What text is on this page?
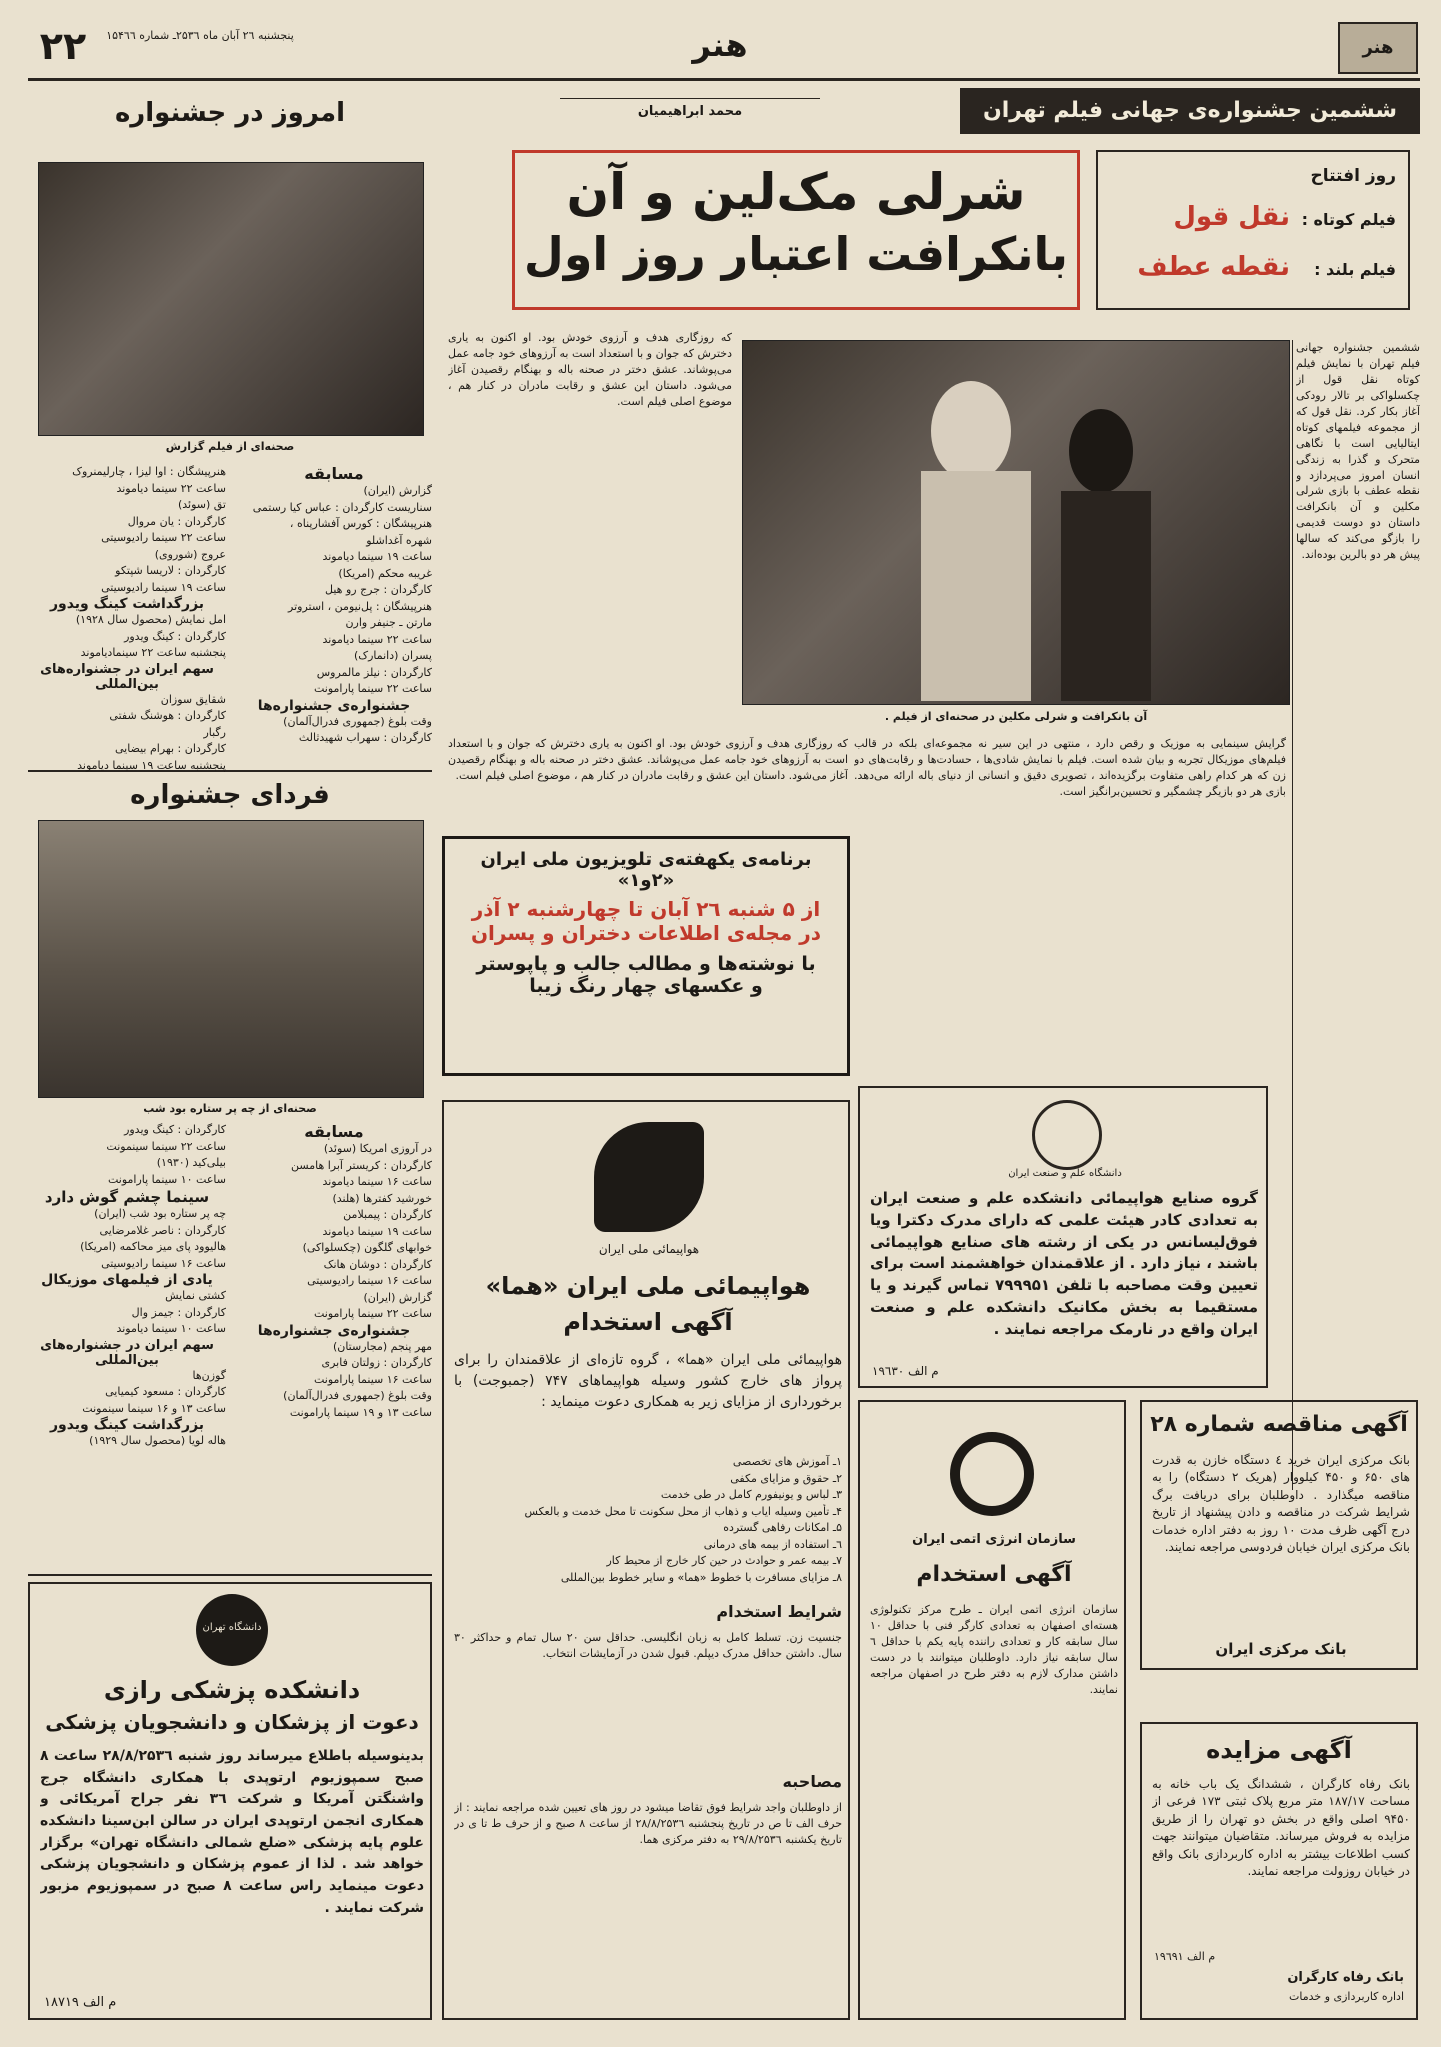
۲۲	پنجشنبه ۲٦ آبان ماه ۲۵۳٦ـ شماره ۱۵۴٦٦	هنر	هنر
ششمین جشنواره‌ی جهانی فیلم تهران
محمد ابراهیمیان
شرلی مک‌لین و آن
بانکرافت اعتبار روز اول
روز افتتاح
فیلم کوتاه :
نقل قول
فیلم بلند :
نقطه عطف
آن بانکرافت و شرلی مکلین در صحنه‌ای از فیلم .
ششمین جشنواره جهانی فیلم تهران با نمایش فیلم کوتاه نقل قول از چکسلواکی بر تالار رودکی آغاز بکار کرد. نقل قول که از مجموعه فیلمهای کوتاه ایتالیایی است با نگاهی متحرک و گذرا به زندگی انسان امروز می‌پردازد و نقطه عطف با بازی شرلی مکلین و آن بانکرافت داستان دو دوست قدیمی را بازگو می‌کند که سالها پیش هر دو بالرین بوده‌اند.
گرایش سینمایی به موزیک و رقص دارد ، منتهی در این سیر نه مجموعه‌ای بلکه در قالب فیلم‌های موزیکال تجربه و بیان شده است. فیلم با نمایش شادی‌ها ، حسادت‌ها و رقابت‌های دو زن که هر کدام راهی متفاوت برگزیده‌اند ، تصویری دقیق و انسانی از دنیای باله ارائه می‌دهد. بازی هر دو بازیگر چشمگیر و تحسین‌برانگیز است.
که روزگاری هدف و آرزوی خودش بود. او اکنون به یاری دخترش که جوان و با استعداد است به آرزوهای خود جامه عمل می‌پوشاند. عشق دختر در صحنه باله و بهنگام رقصیدن آغاز می‌شود. داستان این عشق و رقابت مادران در کنار هم ، موضوع اصلی فیلم است.
که روزگاری هدف و آرزوی خودش بود. او اکنون به یاری دخترش که جوان و با استعداد است به آرزوهای خود جامه عمل می‌پوشاند. عشق دختر در صحنه باله و بهنگام رقصیدن آغاز می‌شود. داستان این عشق و رقابت مادران در کنار هم ، موضوع اصلی فیلم است.
برنامه‌ی یکهفته‌ی تلویزیون ملی ایران
«۲و۱»
از ۵ شنبه ۲٦ آبان تا چهارشنبه ۲ آذر
در مجله‌ی اطلاعات دختران و پسران
با نوشته‌ها و مطالب جالب و پاپوستر
و عکسهای چهار رنگ زیبا
دانشگاه علم و صنعت ایران
گروه صنایع هواپیمائی دانشکده علم و صنعت ایران به تعدادی کادر هیئت علمی که دارای مدرک دکترا ویا فوق‌لیسانس در یکی از رشته های صنایع هواپیمائی باشند ، نیاز دارد . از علاقمندان خواهشمند است برای تعیین وقت مصاحبه با تلفن ۷۹۹۹۵۱ تماس گیرند و یا مستقیما به بخش مکانیک دانشکده علم و صنعت ایران واقع در نارمک مراجعه نمایند .
م الف ۱۹٦۳۰
هواپیمائی ملی ایران
هواپیمائی ملی ایران «هما»
آگهی استخدام
هواپیمائی ملی ایران «هما» ، گروه تازه‌ای از علاقمندان را برای پرواز های خارج کشور وسیله هواپیماهای ۷۴۷ (جمبوجت) با برخورداری از مزایای زیر به همکاری دعوت مینماید :
۱ـ آموزش های تخصصی
۲ـ حقوق و مزایای مکفی
۳ـ لباس و یونیفورم کامل در طی خدمت
۴ـ تأمین وسیله ایاب و ذهاب از محل سکونت تا محل خدمت و بالعکس
۵ـ امکانات رفاهی گسترده
٦ـ استفاده از بیمه های درمانی
۷ـ بیمه عمر و حوادث در حین کار خارج از محیط کار
۸ـ مزایای مسافرت با خطوط «هما» و سایر خطوط بین‌المللی
شرایط استخدام
جنسیت زن. تسلط کامل به زبان انگلیسی. حداقل سن ۲۰ سال تمام و حداکثر ۳۰ سال. داشتن حداقل مدرک دیپلم. قبول شدن در آزمایشات انتخاب.
مصاحبه
از داوطلبان واجد شرایط فوق تقاضا میشود در روز های تعیین شده مراجعه نمایند : از حرف الف تا ص در تاریخ پنجشنبه ۲۸/۸/۲۵۳٦ از ساعت ۸ صبح و از حرف ط تا ی در تاریخ یکشنبه ۲۹/۸/۲۵۳٦ به دفتر مرکزی هما.
سازمان انرژی اتمی ایران
آگهی استخدام
سازمان انرژی اتمی ایران ـ طرح مرکز تکنولوژی هسته‌ای اصفهان به تعدادی کارگر فنی با حداقل ۱۰ سال سابقه کار و تعدادی راننده پایه یکم با حداقل ٦ سال سابقه نیاز دارد. داوطلبان میتوانند با در دست داشتن مدارک لازم به دفتر طرح در اصفهان مراجعه نمایند.
آگهی مناقصه شماره ۲۸
بانک مرکزی ایران خرید ٤ دستگاه خازن به قدرت های ۶۵۰ و ۴۵۰ کیلووار (هریک ۲ دستگاه) را به مناقصه میگذارد . داوطلبان برای دریافت برگ شرایط شرکت در مناقصه و دادن پیشنهاد از تاریخ درج آگهی ظرف مدت ۱۰ روز به دفتر اداره خدمات بانک مرکزی ایران خیابان فردوسی مراجعه نمایند.
بانک مرکزی ایران
آگهی مزایده
بانک رفاه کارگران ، ششدانگ یک باب خانه به مساحت ۱۸۷/۱۷ متر مربع پلاک ثبتی ۱۷۳ فرعی از ۹۴۵۰ اصلی واقع در بخش دو تهران را از طریق مزایده به فروش میرساند. متقاضیان میتوانند جهت کسب اطلاعات بیشتر به اداره کاربردازی بانک واقع در خیابان روزولت مراجعه نمایند.
م الف ۱۹٦۹۱
بانک رفاه کارگران
اداره کاربردازی و خدمات
امروز در جشنواره
صحنه‌ای از فیلم گزارش
مسابقه
گزارش (ایران)
سناریست کارگردان : عباس کیا رستمی
هنرپیشگان : کورس آفشارپناه ،
شهره آغداشلو
ساعت ۱۹ سینما دیاموند
غریبه محکم (امریکا)
کارگردان : جرج رو هیل
هنرپیشگان : پل‌نیومن ، استروتر
مارتن ـ جنیفر وارن
ساعت ۲۲ سینما دیاموند
پسران (دانمارک)
کارگردان : نیلز مالمروس
ساعت ۲۲ سینما پارامونت
جشنواره‌ی جشنواره‌ها
وقت بلوغ (جمهوری فدرال‌آلمان)
کارگردان : سهراب شهیدثالث
هنرپیشگان : اوا لیزا ، چارلیمنروک
ساعت ۲۲ سینما دیاموند
تق (سوئد)
کارگردان : یان مروال
ساعت ۲۲ سینما رادیوسیتی
عروج (شوروی)
کارگردان : لاریسا شپتکو
ساعت ۱۹ سینما رادیوسیتی
بزرگداشت کینگ ویدور
امل نمایش (محصول سال ۱۹۲۸)
کارگردان : کینگ ویدور
پنجشنبه ساعت ۲۲ سینمادیاموند
سهم ایران در جشنواره‌های بین‌المللی
شقایق سوزان
کارگردان : هوشنگ شفتی
رگبار
کارگردان : بهرام بیضایی
پنجشنبه ساعت ۱۹ سینما دیاموند
فردای جشنواره
صحنه‌ای از چه پر ستاره بود شب
مسابقه
در آروزی امریکا (سوئد)
کارگردان : کریستر آبرا هامسن
ساعت ۱۶ سینما دیاموند
خورشید کفترها (هلند)
کارگردان : پیمبلامن
ساعت ۱۹ سینما دیاموند
خوابهای گلگون (چکسلواکی)
کارگردان : دوشان هانک
ساعت ۱۶ سینما رادیوسیتی
گزارش (ایران)
ساعت ۲۲ سینما پارامونت
جشنواره‌ی جشنواره‌ها
مهر پنجم (مجارستان)
کارگردان : زولتان فابری
ساعت ۱۶ سینما پارامونت
وقت بلوغ (جمهوری فدرال‌آلمان)
ساعت ۱۳ و ۱۹ سینما پارامونت
کارگردان : کینگ ویدور
ساعت ۲۲ سینما سینمونت
بیلی‌کید (۱۹۳۰)
ساعت ۱۰ سینما پارامونت
سینما چشم گوش دارد
چه پر ستاره بود شب (ایران)
کارگردان : ناصر غلامرضایی
هالیوود پای میز محاکمه (امریکا)
ساعت ۱۶ سینما رادیوسیتی
یادی از فیلمهای موزیکال
کشتی نمایش
کارگردان : جیمز وال
ساعت ۱۰ سینما دیاموند
سهم ایران در جشنواره‌های بین‌المللی
گوزن‌ها
کارگردان : مسعود کیمیایی
ساعت ۱۳ و ۱۶ سینما سینمونت
بزرگداشت کینگ ویدور
هاله لویا (محصول سال ۱۹۲۹)
دانشگاه تهران
دانشکده پزشکی رازی
دعوت از پزشکان و دانشجویان پزشکی
بدینوسیله باطلاع میرساند روز شنبه ۲۸/۸/۲۵۳٦ ساعت ۸ صبح سمپوزیوم ارتوپدی با همکاری دانشگاه جرج واشنگتن آمریکا و شرکت ۳٦ نفر جراح آمریکائی و همکاری انجمن ارتوپدی ایران در سالن ابن‌سینا دانشکده علوم پایه پزشکی «ضلع شمالی دانشگاه تهران» برگزار خواهد شد . لذا از عموم پزشکان و دانشجویان پزشکی دعوت مینماید راس ساعت ۸ صبح در سمپوزیوم مزبور شرکت نمایند .
م الف ۱۸۷۱۹
